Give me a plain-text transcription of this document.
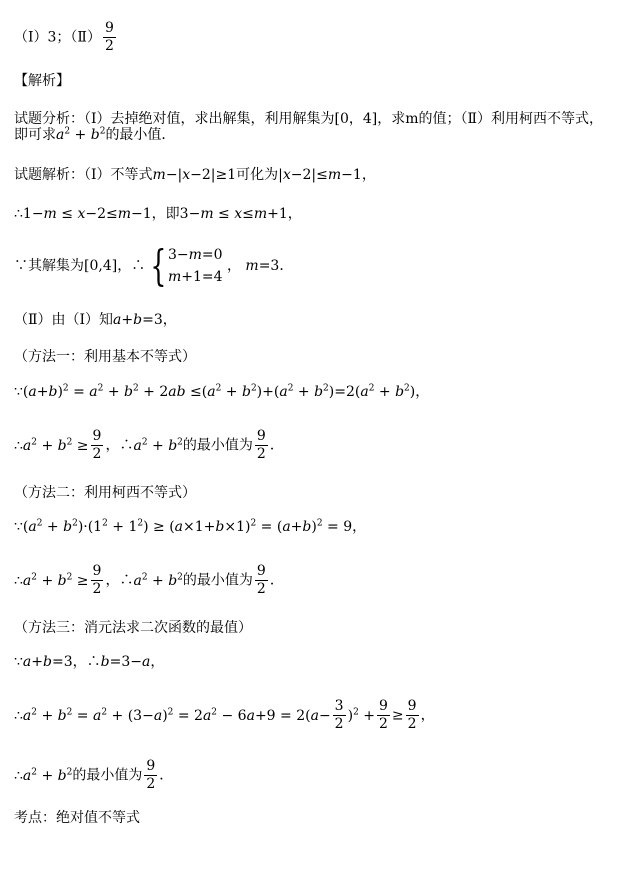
（Ⅰ）3；（Ⅱ） $\frac{9}{2}$
【解析】
试题分析：（Ⅰ）去掉绝对值，求出解集，利用解集为[0，4]，求m的值；（Ⅱ）利用柯西不等式，
即可求$a^2 + b^2$的最小值．
试题解析：（Ⅰ）不等式m−|x−2|≥1可化为|x−2|≤m−1，
∴1−m ≤ x−2≤m−1，即3−m ≤ x≤m+1，
∵其解集为[0,4]，∴ { 3−m=0
m+1=4
， m=3．
（Ⅱ）由（Ⅰ）知a+b=3，
（方法一：利用基本不等式）
$\because(a+b)^2 = a^2 + b^2 + 2ab \le(a^2 + b^2)+(a^2 + b^2)=2(a^2 + b^2)$，
$\therefore a^2 + b^2 \ge \frac{9}{2}$ ，$\therefore a^2 + b^2$的最小值为 $\frac{9}{2}$ ．
（方法二：利用柯西不等式）
$\because(a^2 + b^2)\cdot(1^2 + 1^2) \ge (a\times 1+b\times 1)^2 = (a+b)^2 = 9$，
$\therefore a^2 + b^2 \ge \frac{9}{2}$ ，$\therefore a^2 + b^2$的最小值为 $\frac{9}{2}$ ．
（方法三：消元法求二次函数的最值）
∵a+b=3，∴b=3−a，
$\therefore a^2 + b^2 = a^2 + (3-a)^2 = 2a^2 - 6a+9 = 2(a- \frac{3}{2} )^2 + \frac{9}{2} \ge \frac{9}{2}$ ，
$\therefore a^2 + b^2$的最小值为 $\frac{9}{2}$ ．
考点：绝对值不等式
